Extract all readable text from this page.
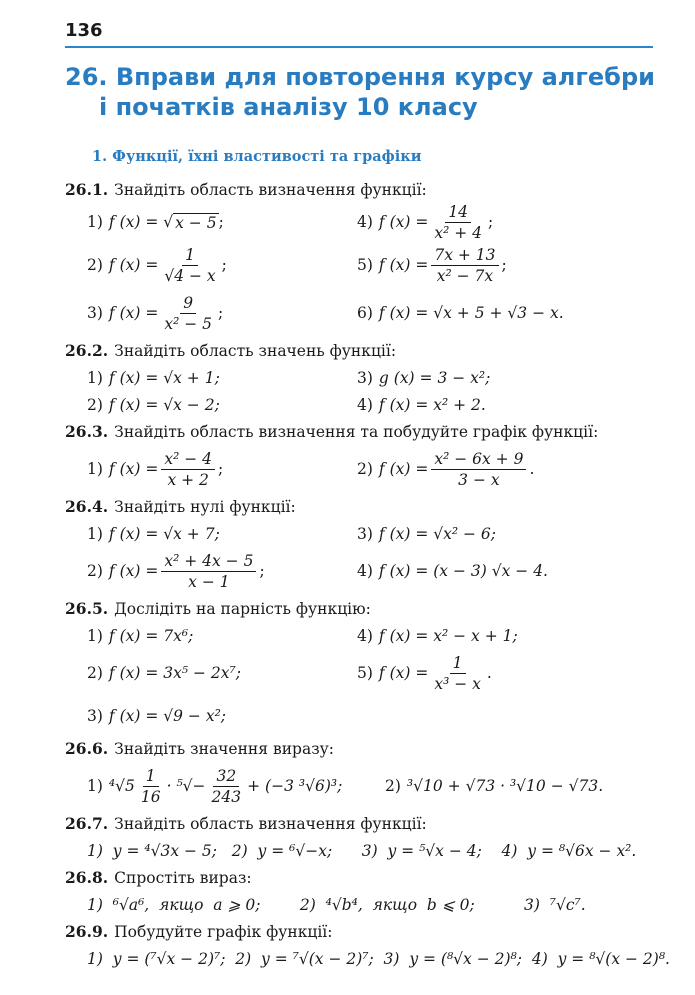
136
26. Вправи для повторення курсу алгебри
і початків аналізу 10 класу
1. Функції, їхні властивості та графіки
26.1. Знайдіть область визначення функції:
1) f (x) = √ x − 5 ;	4) f $(x) = \frac{14}{\text{x² + 4}}$ ;
2) f $(x) = \frac{1}{√4 - x}$ ;	5) f $(x) = \frac{7x + 13}{\text{x² − 7x}}$ ;
3) f $(x) = \frac{9}{\text{x² − 5}}$ ;	6) f (x) = √x + 5 + √3 − x.
26.2. Знайдіть область значень функції:
1) f (x) = √x + 1;	3) g (x) = 3 − x²;
2) f (x) = √x − 2;	4) f (x) = x² + 2.
26.3. Знайдіть область визначення та побудуйте графік функції:
1) f $(x) = \frac{\text{x² − 4}}{x + 2}$ ;	2) f $(x) = \frac{\text{x² − 6x + 9}}{3 - x}$ .
26.4. Знайдіть нулі функції:
1) f (x) = √x + 7;	3) f (x) = √x² − 6;
2) f $(x) = \frac{\text{x² + 4x − 5}}{x - 1}$ ;	4) f (x) = (x − 3) √x − 4.
26.5. Дослідіть на парність функцію:
1) f (x) = 7x⁶;	4) f (x) = x² − x + 1;
2) f (x) = 3x⁵ − 2x⁷;	5) f $(x) = \frac{1}{\text{x³ − x}}$ .
3) f (x) = √9 − x²;
26.6. Знайдіть значення виразу:
1) $^4√5 \frac{1}{16} \cdot ^5√- \frac{32}{243} + (-3$ ³√6)³;	2) ³√10 + √73 · ³√10 − √73.
26.7. Знайдіть область визначення функції:
1)  y = ⁴√3x − 5;   2)  y = ⁶√−x;      3)  y = ⁵√x − 4;    4)  y = ⁸√6x − x².
26.8. Спростіть вираз:
1)  ⁶√a⁶,  якщо  a ⩾ 0;        2)  ⁴√b⁴,  якщо  b ⩽ 0;          3)  ⁷√c⁷.
26.9. Побудуйте графік функції:
1)  y = (⁷√x − 2)⁷;  2)  y = ⁷√(x − 2)⁷;  3)  y = (⁸√x − 2)⁸;  4)  y = ⁸√(x − 2)⁸.
